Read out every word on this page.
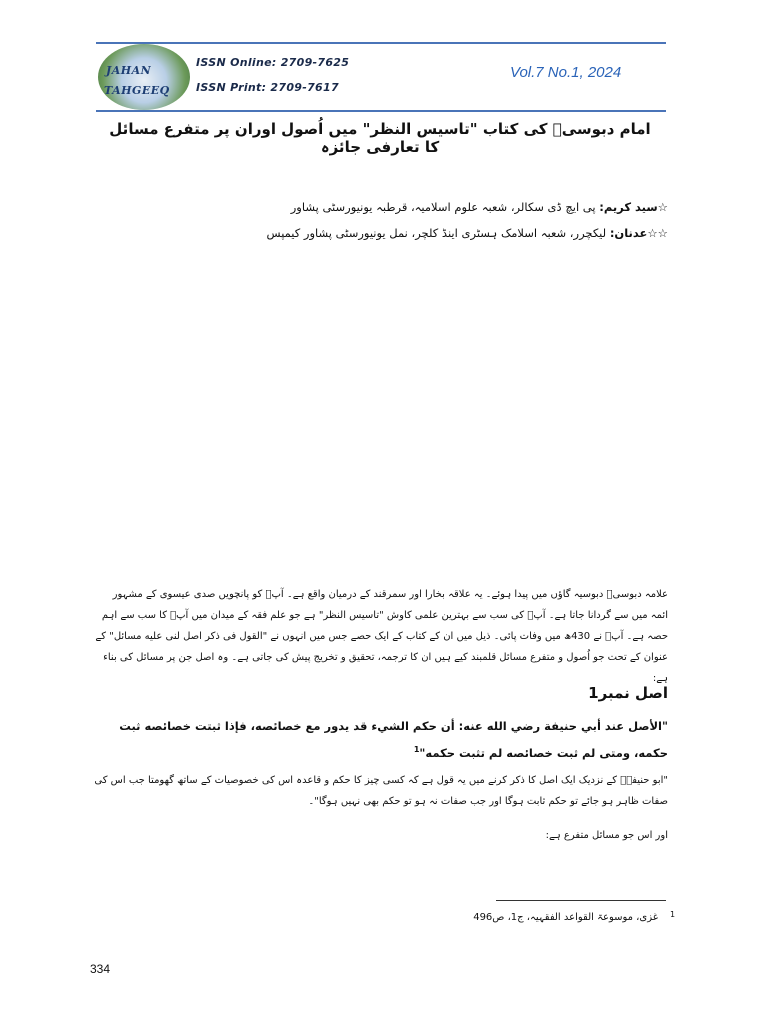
JAHAN
TAHGEEQ
ISSN Online: 2709-7625
ISSN Print: 2709-7617
Vol.7 No.1, 2024
امام دبوسیؒ کی کتاب "تاسیس النظر" میں اُصول اوران پر متفرع مسائل کا تعارفی جائزہ
☆سید کریم: پی ایچ ڈی سکالر، شعبہ علوم اسلامیہ، قرطبہ یونیورسٹی پشاور
☆☆عدنان: لیکچرر، شعبہ اسلامک ہسٹری اینڈ کلچر، نمل یونیورسٹی پشاور کیمپس
علامہ دبوسیؒ دبوسیہ گاؤں میں پیدا ہوئے۔ یہ علاقہ بخارا اور سمرقند کے درمیان واقع ہے۔ آپؒ کو پانچویں صدی عیسوی کے مشہور ائمہ میں سے گردانا جاتا ہے۔ آپؒ کی سب سے بہترین علمی کاوش "تاسیس النظر" ہے جو علم فقہ کے میدان میں آپؒ کا سب سے اہم حصہ ہے۔ آپؒ نے 430ھ میں وفات پائی۔ ذیل میں ان کے کتاب کے ایک حصے جس میں انہوں نے "القول فی ذکر اصل لنی علیه مسائل" کے عنوان کے تحت جو اُصول و متفرع مسائل قلمبند کیے ہیں ان کا ترجمہ، تحقیق و تخریج پیش کی جاتی ہے۔ وہ اصل جن پر مسائل کی بناء ہے:
اصل نمبر1
"الأصل عند أبي حنيفة رضي الله عنه: أن حكم الشيء قد يدور مع خصائصه، فإذا ثبتت خصائصه ثبت حكمه، ومتى لم ثبت خصائصه لم تثبت حكمه"$^1$
"ابو حنیفہؒ کے نزدیک ایک اصل کا ذکر کرنے میں یہ قول ہے کہ کسی چیز کا حکم و قاعدہ اس کی خصوصیات کے ساتھ گھومتا جب اس کی صفات ظاہر ہو جائے تو حکم ثابت ہوگا اور جب صفات نہ ہو تو حکم بھی نہیں ہوگا"۔
اور اس جو مسائل متفرع ہے:
1
غزی، موسوعۃ القواعد الفقہیہ، ج1، ص496
334
